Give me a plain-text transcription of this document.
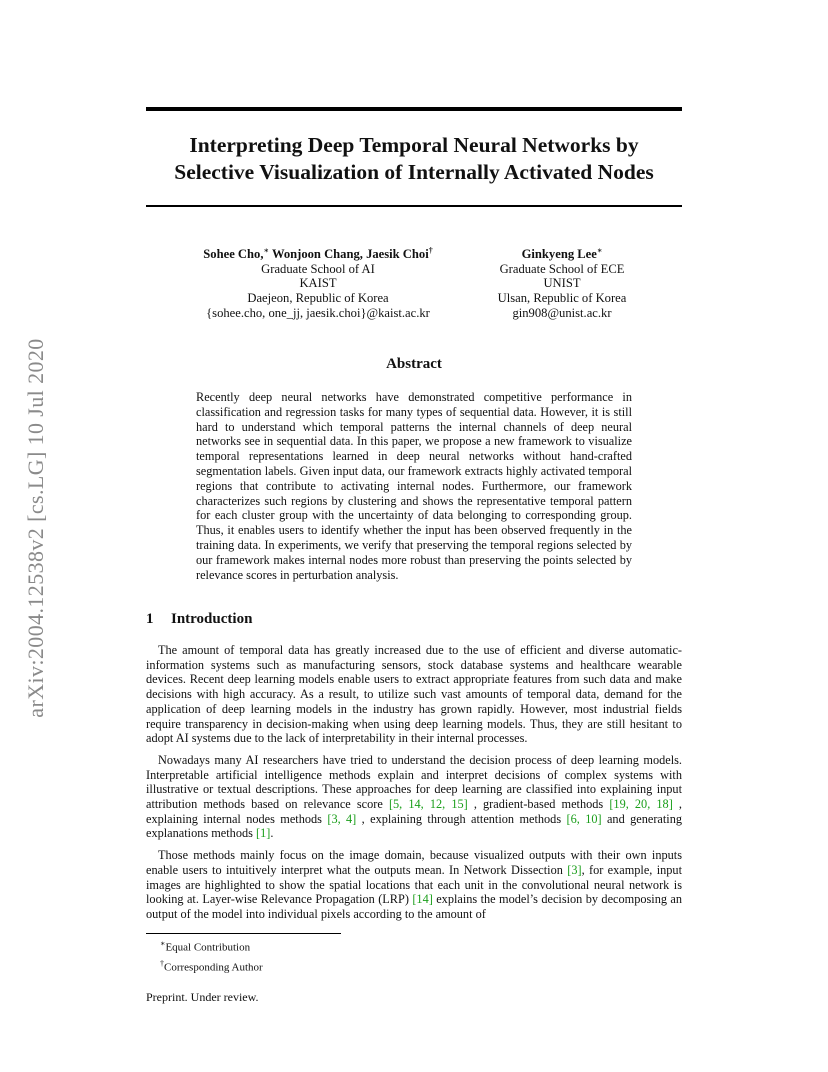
arXiv:2004.12538v2 [cs.LG] 10 Jul 2020
Interpreting Deep Temporal Neural Networks by
Selective Visualization of Internally Activated Nodes
Sohee Cho,∗ Wonjoon Chang, Jaesik Choi†
Graduate School of AI
KAIST
Daejeon, Republic of Korea
{sohee.cho, one_jj, jaesik.choi}@kaist.ac.kr
Ginkyeng Lee∗
Graduate School of ECE
UNIST
Ulsan, Republic of Korea
gin908@unist.ac.kr
Abstract

Recently deep neural networks have demonstrated competitive performance in classification and regression tasks for many types of sequential data. However, it is still hard to understand which temporal patterns the internal channels of deep neural networks see in sequential data. In this paper, we propose a new framework to visualize temporal representations learned in deep neural networks without hand-crafted segmentation labels. Given input data, our framework extracts highly activated temporal regions that contribute to activating internal nodes. Furthermore, our framework characterizes such regions by clustering and shows the representative temporal pattern for each cluster group with the uncertainty of data belonging to corresponding group. Thus, it enables users to identify whether the input has been observed frequently in the training data. In experiments, we verify that preserving the temporal regions selected by our framework makes internal nodes more robust than preserving the points selected by relevance scores in perturbation analysis.

1 Introduction

The amount of temporal data has greatly increased due to the use of efficient and diverse automatic-information systems such as manufacturing sensors, stock database systems and healthcare wearable devices. Recent deep learning models enable users to extract appropriate features from such data and make decisions with high accuracy. As a result, to utilize such vast amounts of temporal data, demand for the application of deep learning models in the industry has grown rapidly. However, most industrial fields require transparency in decision-making when using deep learning models. Thus, they are still hesitant to adopt AI systems due to the lack of interpretability in their internal processes.

Nowadays many AI researchers have tried to understand the decision process of deep learning models. Interpretable artificial intelligence methods explain and interpret decisions of complex systems with illustrative or textual descriptions. These approaches for deep learning are classified into explaining input attribution methods based on relevance score [5, 14, 12, 15] , gradient-based methods [19, 20, 18] , explaining internal nodes methods [3, 4] , explaining through attention methods [6, 10] and generating explanations methods [1].

Those methods mainly focus on the image domain, because visualized outputs with their own inputs enable users to intuitively interpret what the outputs mean. In Network Dissection [3], for example, input images are highlighted to show the spatial locations that each unit in the convolutional neural network is looking at. Layer-wise Relevance Propagation (LRP) [14] explains the model’s decision by decomposing an output of the model into individual pixels according to the amount of

∗Equal Contribution
†Corresponding Author
Preprint. Under review.
